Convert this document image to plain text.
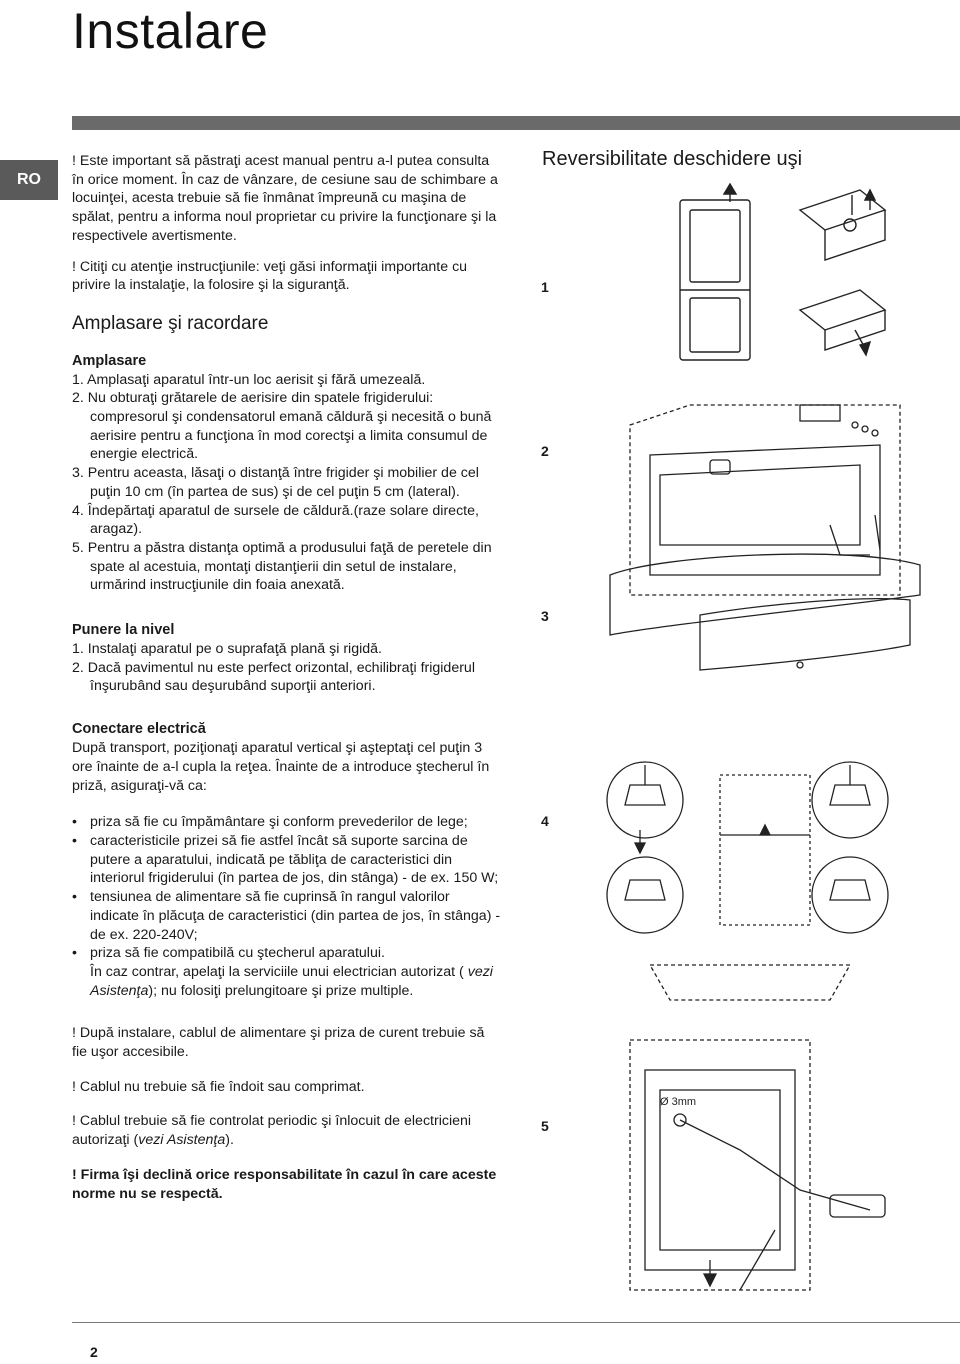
Instalare
RO

! Este important să păstraţi acest manual pentru a-l putea consulta în orice moment. În caz de vânzare, de cesiune sau de schimbare a locuinţei, acesta trebuie să fie înmânat împreună cu maşina de spălat, pentru a informa noul proprietar cu privire la funcţionare şi la respectivele avertismente.

! Citiţi cu atenţie instrucţiunile: veţi găsi informaţii importante cu privire la instalaţie, la folosire şi la siguranţă.

Amplasare şi racordare
Amplasare

1. Amplasaţi aparatul într-un loc aerisit şi fără umezeală.

2. Nu obturaţi grătarele de aerisire din spatele frigiderului: compresorul şi condensatorul emană căldură şi necesită o bună aerisire pentru a funcţiona în mod corectşi a limita consumul de energie electrică.

3. Pentru aceasta, lăsaţi o distanţă între frigider şi mobilier de cel puţin 10 cm (în partea de sus) şi de cel puţin 5 cm (lateral).

4. Îndepărtaţi aparatul de sursele de căldură.(raze solare directe, aragaz).

5. Pentru a păstra distanţa optimă a produsului faţă de peretele din spate al acestuia, montaţi distanţierii din setul de instalare, urmărind instrucţiunile din foaia anexată.

Punere la nivel

1. Instalaţi aparatul pe o suprafaţă plană şi rigidă.

2. Dacă pavimentul nu este perfect orizontal, echilibraţi frigiderul înşurubând sau deşurubând suporţii anteriori.

Conectare electrică

După transport, poziţionaţi aparatul vertical şi aşteptaţi cel puţin 3 ore înainte de a-l cupla la reţea. Înainte de a introduce ştecherul în priză, asiguraţi-vă ca:

• priza să fie cu împământare şi conform prevederilor de lege;
• caracteristicile prizei să fie astfel încât să suporte sarcina de putere a aparatului, indicată pe tăbliţa de caracteristici din interiorul frigiderului (în partea de jos, din stânga) - de ex. 150 W;
• tensiunea de alimentare să fie cuprinsă în rangul valorilor indicate în plăcuţa de caracteristici (din partea de jos, în stânga) - de ex. 220-240V;
• priza să fie compatibilă cu ştecherul aparatului.
În caz contrar, apelaţi la serviciile unui electrician autorizat ( vezi Asistenţa); nu folosiţi prelungitoare şi prize multiple.

! După instalare, cablul de alimentare şi priza de curent trebuie să fie uşor accesibile.

! Cablul nu trebuie să fie îndoit sau comprimat.

! Cablul trebuie să fie controlat periodic şi înlocuit de electricieni autorizaţi (vezi Asistenţa).

! Firma îşi declină orice responsabilitate în cazul în care aceste norme nu se respectă.

2
Reversibilitate deschidere uşi
1
2
3
4
5
Ø 3mm
